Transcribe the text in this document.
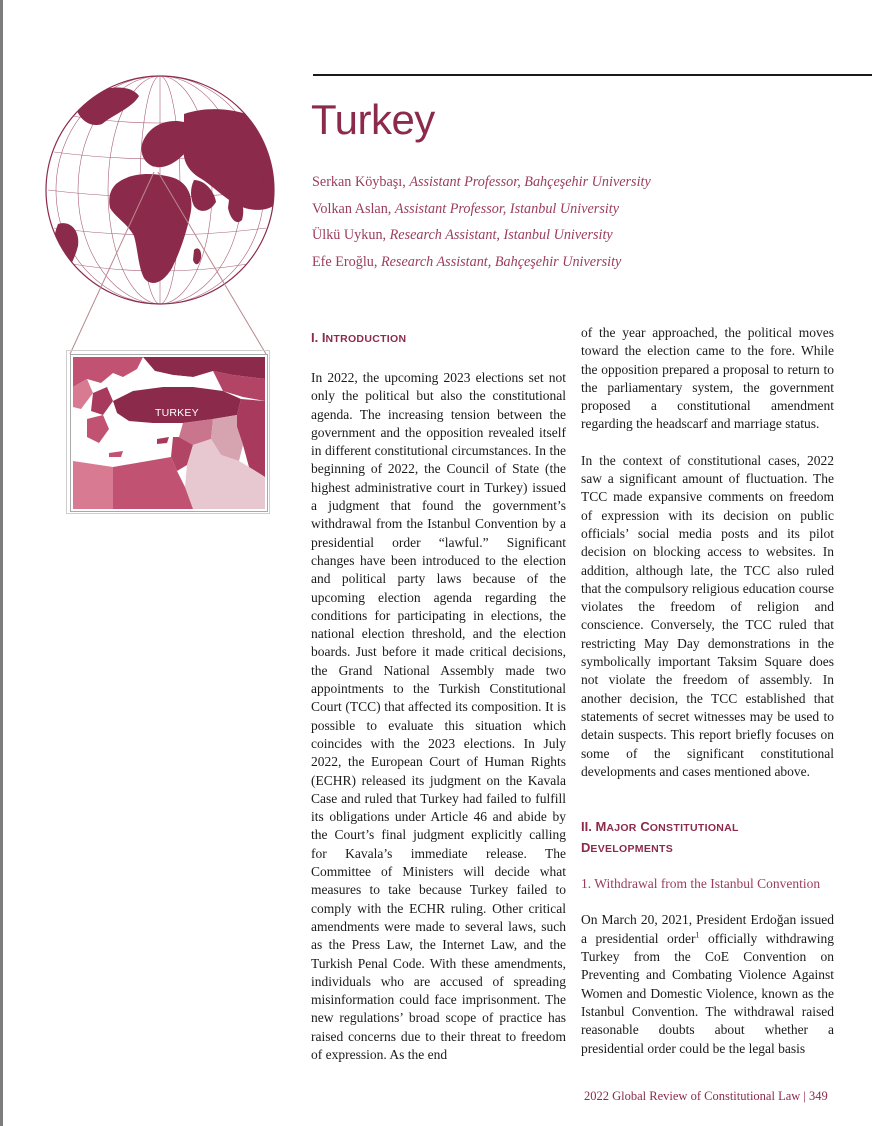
TURKEY
Turkey
Serkan Köybaşı, Assistant Professor, Bahçeşehir University
Volkan Aslan, Assistant Professor, Istanbul University
Ülkü Uykun, Research Assistant, Istanbul University
Efe Eroğlu, Research Assistant, Bahçeşehir University
I. INTRODUCTION

In 2022, the upcoming 2023 elections set not only the political but also the constitutional agenda. The increasing tension between the government and the opposition revealed itself in different constitutional circumstances. In the beginning of 2022, the Council of State (the highest administrative court in Turkey) issued a judgment that found the government’s withdrawal from the Istanbul Convention by a presidential order “lawful.” Significant changes have been introduced to the election and political party laws because of the upcoming election agenda regarding the conditions for participating in elections, the national election threshold, and the election boards. Just before it made critical decisions, the Grand National Assembly made two appointments to the Turkish Constitutional Court (TCC) that affected its composition. It is possible to evaluate this situation which coincides with the 2023 elections. In July 2022, the European Court of Human Rights (ECHR) released its judgment on the Kavala Case and ruled that Turkey had failed to fulfill its obligations under Article 46 and abide by the Court’s final judgment explicitly calling for Kavala’s immediate release. The Committee of Ministers will decide what measures to take because Turkey failed to comply with the ECHR ruling. Other critical amendments were made to several laws, such as the Press Law, the Internet Law, and the Turkish Penal Code. With these amendments, individuals who are accused of spreading misinformation could face imprisonment. The new regulations’ broad scope of practice has raised concerns due to their threat to freedom of expression. As the end

of the year approached, the political moves toward the election came to the fore. While the opposition prepared a proposal to return to the parliamentary system, the government proposed a constitutional amendment regarding the headscarf and marriage status.

In the context of constitutional cases, 2022 saw a significant amount of fluctuation. The TCC made expansive comments on freedom of expression with its decision on public officials’ social media posts and its pilot decision on blocking access to websites. In addition, although late, the TCC also ruled that the compulsory religious education course violates the freedom of religion and conscience. Conversely, the TCC ruled that restricting May Day demonstrations in the symbolically important Taksim Square does not violate the freedom of assembly. In another decision, the TCC established that statements of secret witnesses may be used to detain suspects. This report briefly focuses on some of the significant constitutional developments and cases mentioned above.

II. MAJOR CONSTITUTIONAL
DEVELOPMENTS

1. Withdrawal from the Istanbul Convention

On March 20, 2021, President Erdoğan issued a presidential order$^1$ officially withdrawing Turkey from the CoE Convention on Preventing and Combating Violence Against Women and Domestic Violence, known as the Istanbul Convention. The withdrawal raised reasonable doubts about whether a presidential order could be the legal basis

2022 Global Review of Constitutional Law | 349
